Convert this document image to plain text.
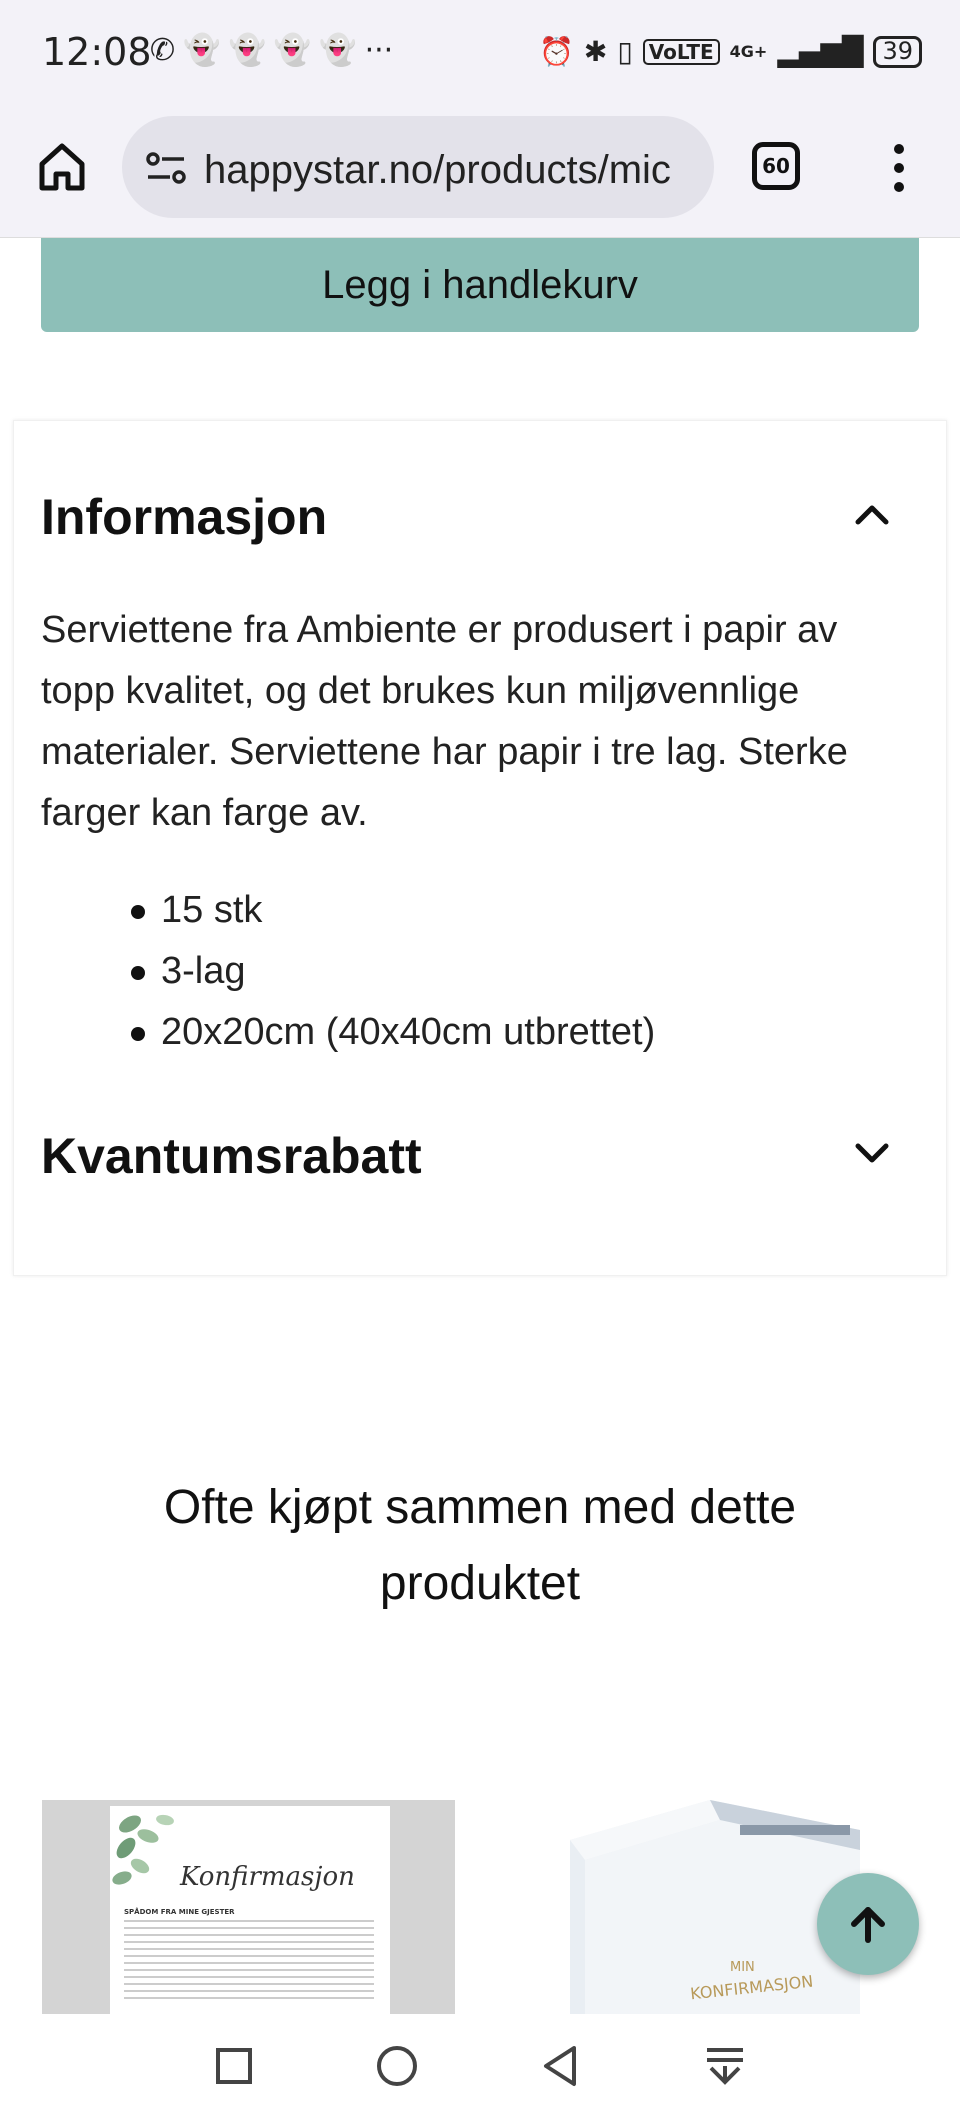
12:08
✆ 👻 👻 👻 👻 ···	⏰ ✱ ▯ VoLTE	4G+ ▂▄▆█ 39
happystar.no/products/mic	60
Legg i handlekurv
Informasjon
Serviettene fra Ambiente er produsert i papir av topp kvalitet, og det brukes kun miljøvennlige materialer. Serviettene har papir i tre lag. Sterke farger kan farge av.
15 stk
3-lag
20x20cm (40x40cm utbrettet)
Kvantumsrabatt
Ofte kjøpt sammen med dette produktet
Konfirmasjon
SPÅDOM FRA MINE GJESTER
MIN
KONFIRMASJON
